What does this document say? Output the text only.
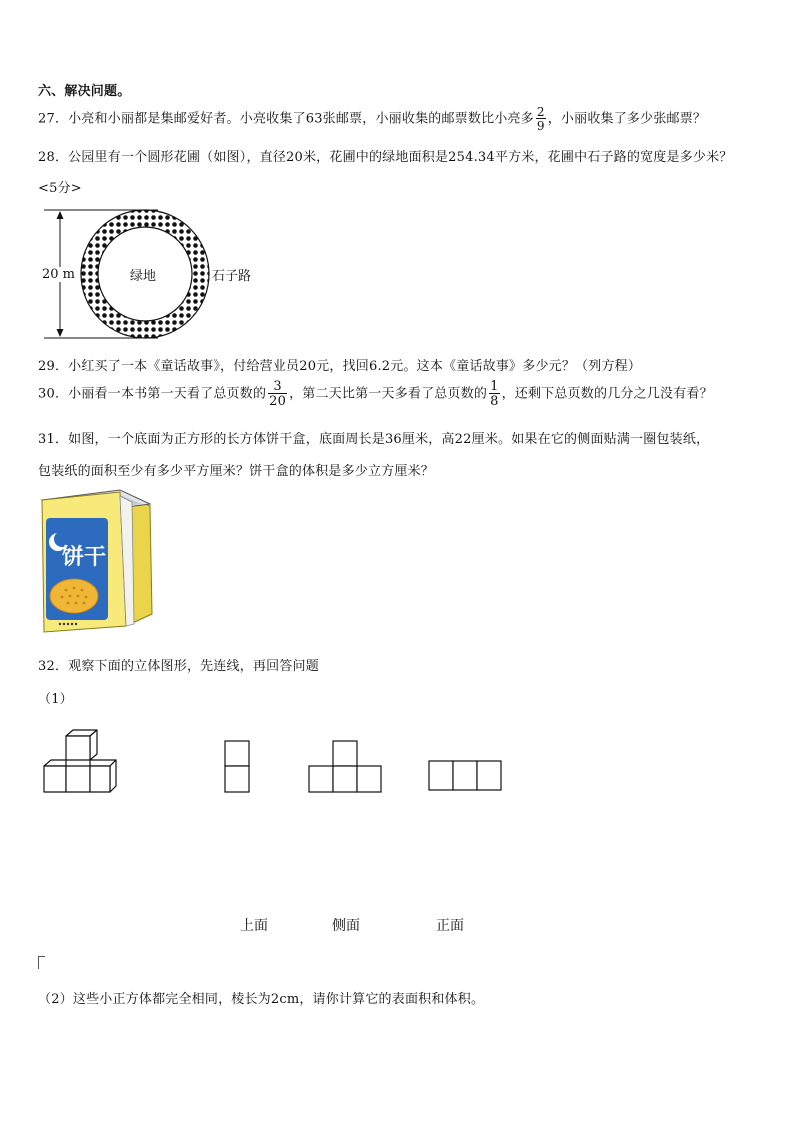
六、解决问题。
27．小亮和小丽都是集邮爱好者。小亮收集了63张邮票，小丽收集的邮票数比小亮多 $\frac{2}{9}$ ，小丽收集了多少张邮票？
28．公园里有一个圆形花圃（如图），直径20米，花圃中的绿地面积是254.34平方米，花圃中石子路的宽度是多少米？
<5分>
20 m	绿地	石子路
29．小红买了一本《童话故事》，付给营业员20元，找回6.2元。这本《童话故事》多少元？（列方程）
30．小丽看一本书第一天看了总页数的 $\frac{3}{20}$ ，第二天比第一天多看了总页数的 $\frac{1}{8}$ ，还剩下总页数的几分之几没有看？
31．如图，一个底面为正方形的长方体饼干盒，底面周长是36厘米，高22厘米。如果在它的侧面贴满一圈包装纸，
包装纸的面积至少有多少平方厘米？饼干盒的体积是多少立方厘米？
饼干
32．观察下面的立体图形，先连线，再回答问题
（1）
上面	侧面	正面
（2）这些小正方体都完全相同，棱长为2cm，请你计算它的表面积和体积。
